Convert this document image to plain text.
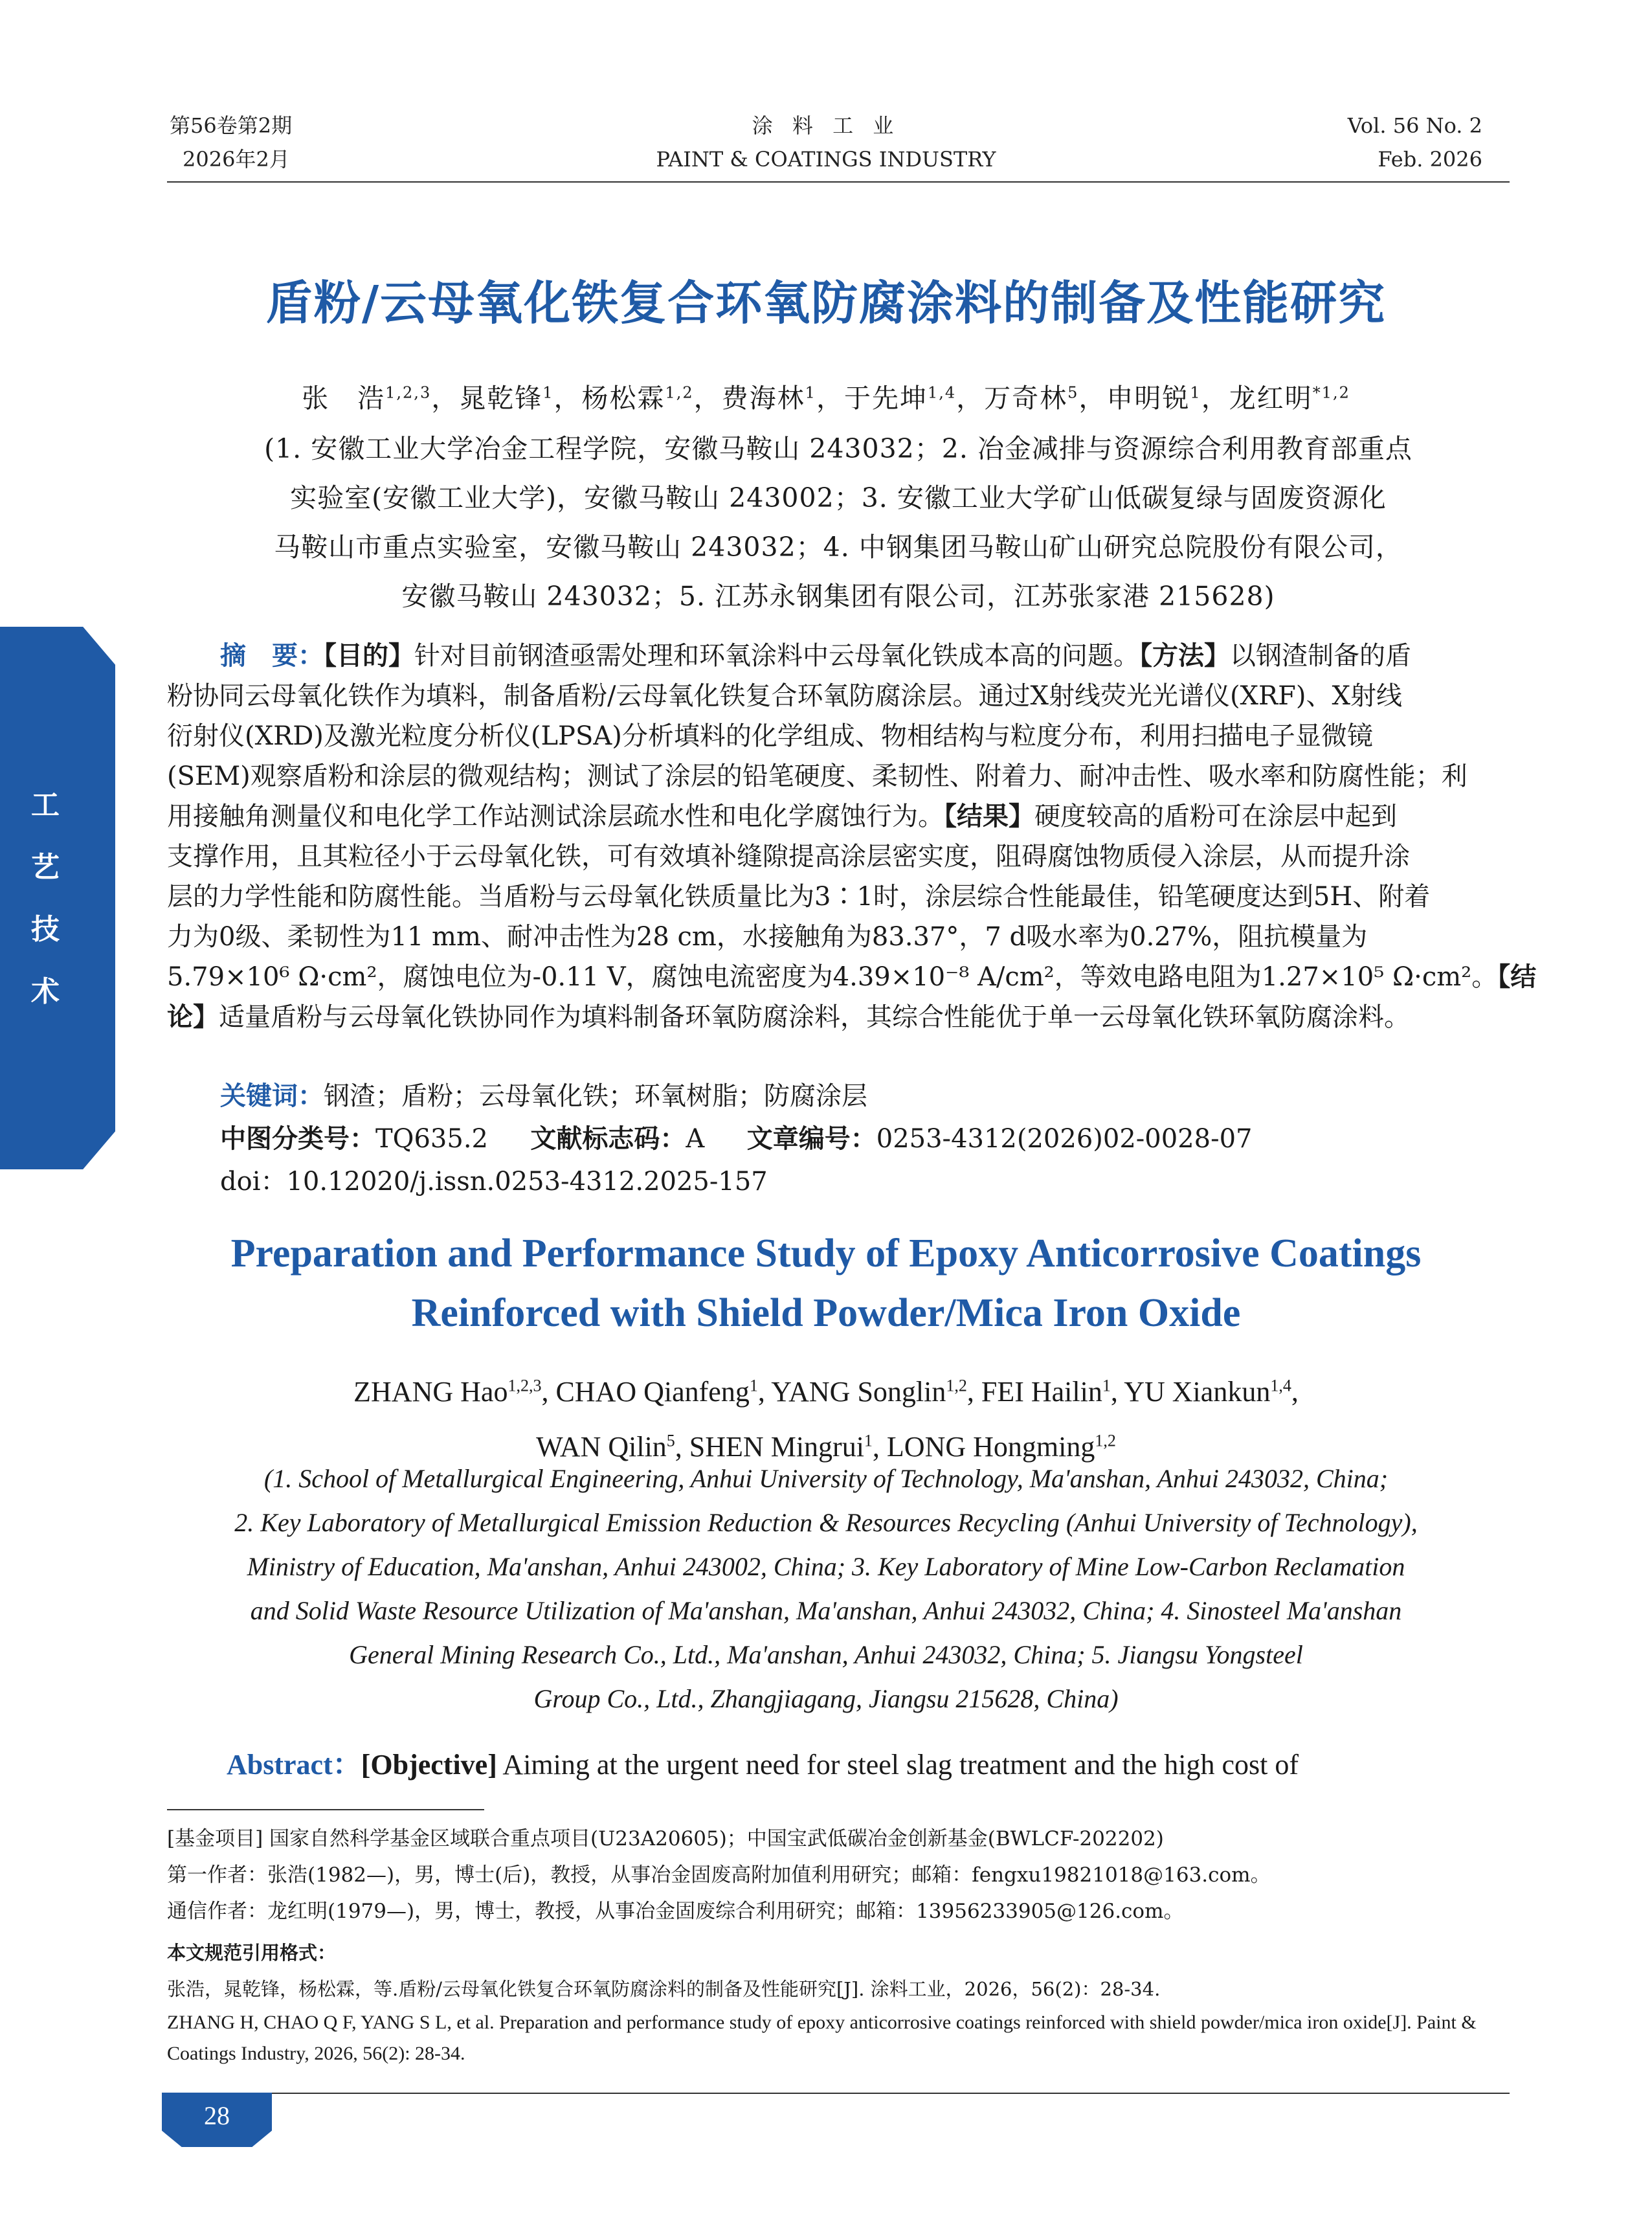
第56卷第2期
2026年2月
涂 料 工 业
PAINT & COATINGS INDUSTRY
Vol. 56 No. 2
Feb. 2026
盾粉/云母氧化铁复合环氧防腐涂料的制备及性能研究
张　浩$^{1,2,3}$，晁乾锋$^1$，杨松霖$^{1,2}$，费海林$^1$，于先坤$^{1,4}$，万奇林$^5$，申明锐$^1$，龙红明$^{*1,2}$
(1. 安徽工业大学冶金工程学院，安徽马鞍山 243032；2. 冶金减排与资源综合利用教育部重点
实验室(安徽工业大学)，安徽马鞍山 243002；3. 安徽工业大学矿山低碳复绿与固废资源化
马鞍山市重点实验室，安徽马鞍山 243032；4. 中钢集团马鞍山矿山研究总院股份有限公司，
安徽马鞍山 243032；5. 江苏永钢集团有限公司，江苏张家港 215628)
工
艺
技
术
摘　要：【目的】针对目前钢渣亟需处理和环氧涂料中云母氧化铁成本高的问题。【方法】以钢渣制备的盾
粉协同云母氧化铁作为填料，制备盾粉/云母氧化铁复合环氧防腐涂层。通过X射线荧光光谱仪(XRF)、X射线
衍射仪(XRD)及激光粒度分析仪(LPSA)分析填料的化学组成、物相结构与粒度分布，利用扫描电子显微镜
(SEM)观察盾粉和涂层的微观结构；测试了涂层的铅笔硬度、柔韧性、附着力、耐冲击性、吸水率和防腐性能；利
用接触角测量仪和电化学工作站测试涂层疏水性和电化学腐蚀行为。【结果】硬度较高的盾粉可在涂层中起到
支撑作用，且其粒径小于云母氧化铁，可有效填补缝隙提高涂层密实度，阻碍腐蚀物质侵入涂层，从而提升涂
层的力学性能和防腐性能。当盾粉与云母氧化铁质量比为3∶1时，涂层综合性能最佳，铅笔硬度达到5H、附着
力为0级、柔韧性为11 mm、耐冲击性为28 cm，水接触角为83.37°，7 d吸水率为0.27%，阻抗模量为
5.79×10⁶ Ω·cm²，腐蚀电位为-0.11 V，腐蚀电流密度为4.39×10⁻⁸ A/cm²，等效电路电阻为1.27×10⁵ Ω·cm²。【结
论】适量盾粉与云母氧化铁协同作为填料制备环氧防腐涂料，其综合性能优于单一云母氧化铁环氧防腐涂料。
关键词：钢渣；盾粉；云母氧化铁；环氧树脂；防腐涂层
中图分类号：TQ635.2 文献标志码：A 文章编号：0253-4312(2026)02-0028-07
doi：10.12020/j.issn.0253-4312.2025-157
Preparation and Performance Study of Epoxy Anticorrosive Coatings
Reinforced with Shield Powder/Mica Iron Oxide
ZHANG Hao$^{1,2,3}$, CHAO Qianfeng$^1$, YANG Songlin$^{1,2}$, FEI Hailin$^1$, YU Xiankun$^{1,4}$,
WAN Qilin$^5$, SHEN Mingrui$^1$, LONG Hongming$^{1,2}$
(1. School of Metallurgical Engineering, Anhui University of Technology, Ma'anshan, Anhui 243032, China;
2. Key Laboratory of Metallurgical Emission Reduction & Resources Recycling (Anhui University of Technology),
Ministry of Education, Ma'anshan, Anhui 243002, China; 3. Key Laboratory of Mine Low-Carbon Reclamation
and Solid Waste Resource Utilization of Ma'anshan, Ma'anshan, Anhui 243032, China; 4. Sinosteel Ma'anshan
General Mining Research Co., Ltd., Ma'anshan, Anhui 243032, China; 5. Jiangsu Yongsteel
Group Co., Ltd., Zhangjiagang, Jiangsu 215628, China)
Abstract：[Objective] Aiming at the urgent need for steel slag treatment and the high cost of
[基金项目] 国家自然科学基金区域联合重点项目(U23A20605)；中国宝武低碳冶金创新基金(BWLCF-202202)
第一作者：张浩(1982—)，男，博士(后)，教授，从事冶金固废高附加值利用研究；邮箱：fengxu19821018@163.com。
通信作者：龙红明(1979—)，男，博士，教授，从事冶金固废综合利用研究；邮箱：13956233905@126.com。
本文规范引用格式：
张浩，晁乾锋，杨松霖，等.盾粉/云母氧化铁复合环氧防腐涂料的制备及性能研究[J]. 涂料工业，2026，56(2)：28-34.
ZHANG H, CHAO Q F, YANG S L, et al. Preparation and performance study of epoxy anticorrosive coatings reinforced with shield powder/mica iron oxide[J]. Paint & Coatings Industry, 2026, 56(2): 28-34.
28
